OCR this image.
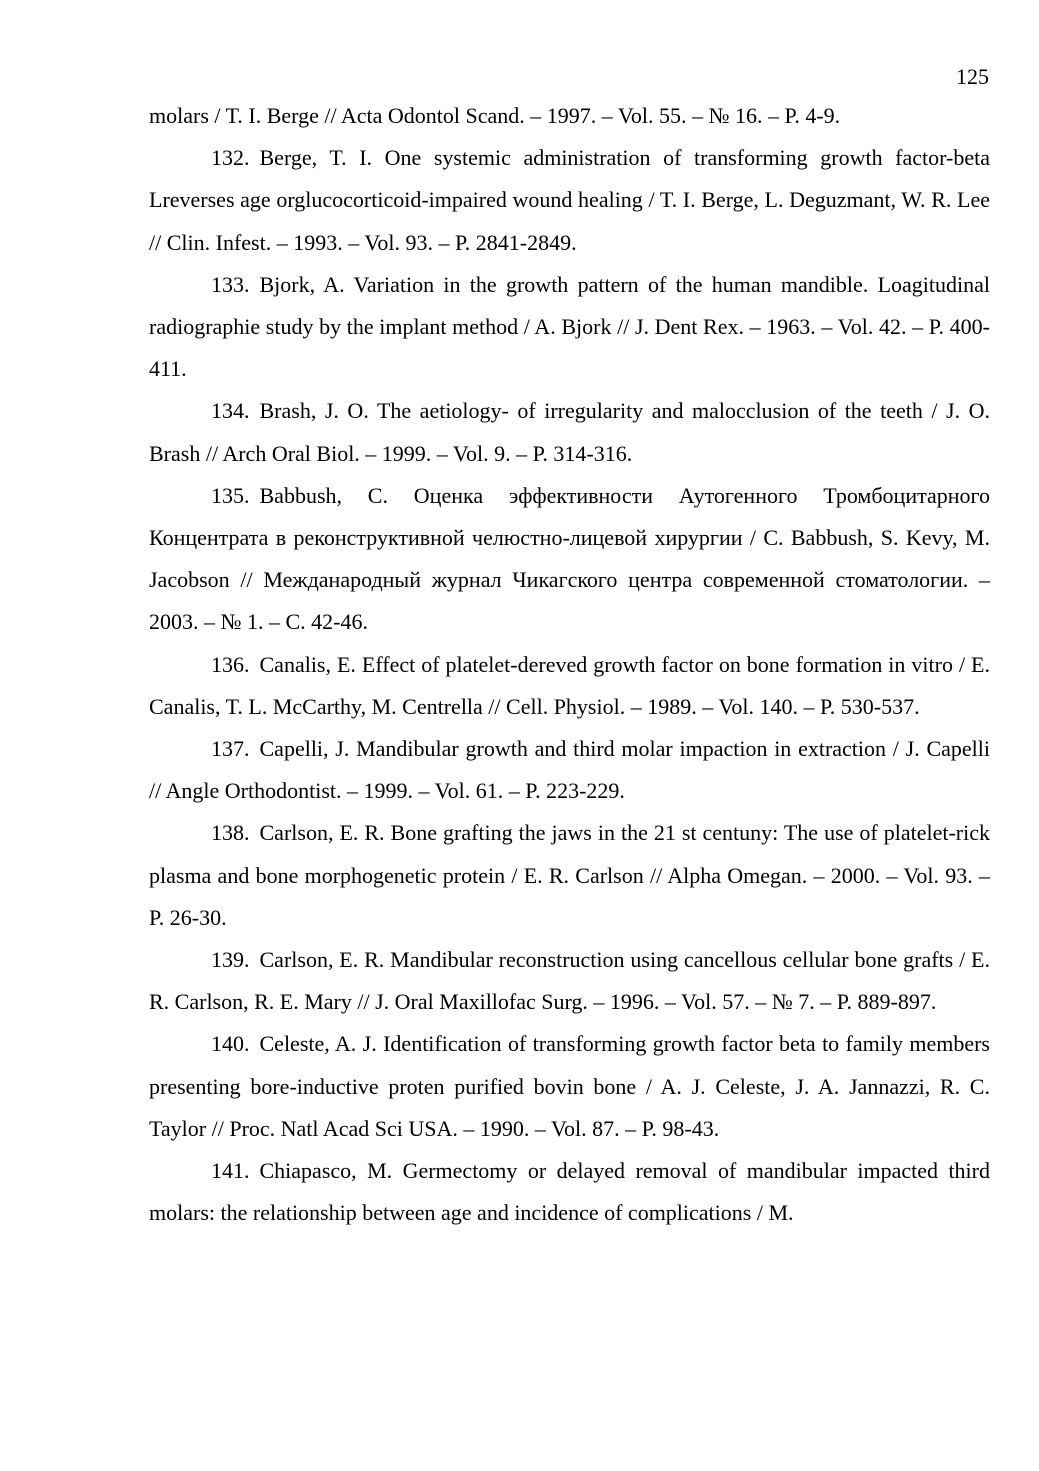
125

molars / T. I. Berge // Acta Odontol Scand. – 1997. – Vol. 55. – № 16. – P. 4-9.

132. Berge, T. I. One systemic administration of transforming growth factor-beta Lreverses age orglucocorticoid-impaired wound healing / T. I. Berge, L. Deguzmant, W. R. Lee // Clin. Infest. – 1993. – Vol. 93. – P. 2841-2849.

133. Bjork, A. Variation in the growth pattern of the human mandible. Loagitudinal radiographie study by the implant method / A. Bjork // J. Dent Rex. – 1963. – Vol. 42. – P. 400-411.

134. Brash, J. O. The aetiology- of irregularity and malocclusion of the teeth / J. O. Brash // Arch Oral Biol. – 1999. – Vol. 9. – P. 314-316.

135. Babbush, C. Оценка эффективности Аутогенного Тромбоцитарного Концентрата в реконструктивной челюстно-лицевой хирургии / C. Babbush, S. Kevy, M. Jacobson // Межданародный журнал Чикагского центра современной стоматологии. – 2003. – № 1. – С. 42-46.

136. Canalis, E. Effect of platelet-dereved growth factor on bone formation in vitro / E. Canalis, T. L. McCarthy, M. Centrella // Cell. Physiol. – 1989. – Vol. 140. – P. 530-537.

137. Capelli, J. Mandibular growth and third molar impaction in extraction / J. Capelli // Angle Orthodontist. – 1999. – Vol. 61. – P. 223-229.

138. Carlson, E. R. Bone grafting the jaws in the 21 st centuny: The use of platelet-rick plasma and bone morphogenetic protein / E. R. Carlson // Alpha Omegan. – 2000. – Vol. 93. – P. 26-30.

139. Carlson, E. R. Mandibular reconstruction using cancellous cellular bone grafts / E. R. Carlson, R. E. Mary // J. Oral Maxillofac Surg. – 1996. – Vol. 57. – № 7. – P. 889-897.

140. Celeste, A. J. Identification of transforming growth factor beta to family members presenting bore-inductive proten purified bovin bone / A. J. Celeste, J. A. Jannazzi, R. C. Taylor // Proc. Natl Acad Sci USA. – 1990. – Vol. 87. – P. 98-43.

141. Chiapasco, M. Germectomy or delayed removal of mandibular impacted third molars: the relationship between age and incidence of complications / M.
